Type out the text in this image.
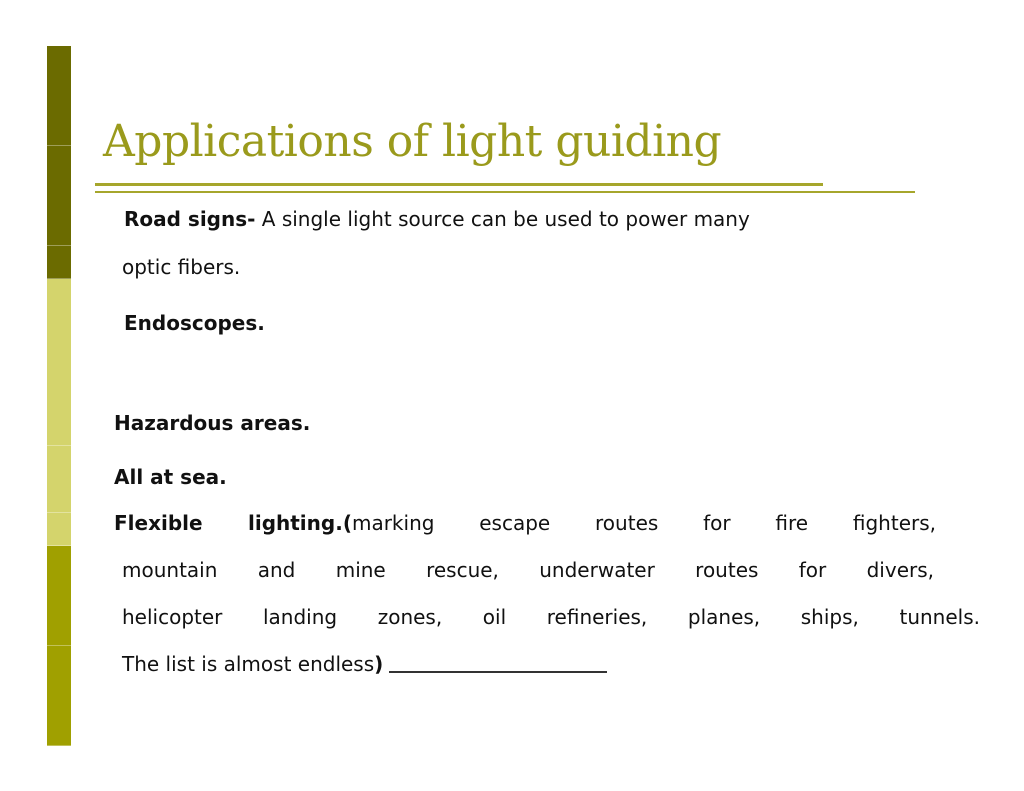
Applications of light guiding

Road signs- A single light source can be used to power many

optic fibers.

Endoscopes.

Hazardous areas.

All at sea.

Flexible lighting.(marking escape routes for fire fighters,

mountain and mine rescue, underwater routes for divers,

helicopter landing zones, oil refineries, planes, ships, tunnels.

The list is almost endless)
